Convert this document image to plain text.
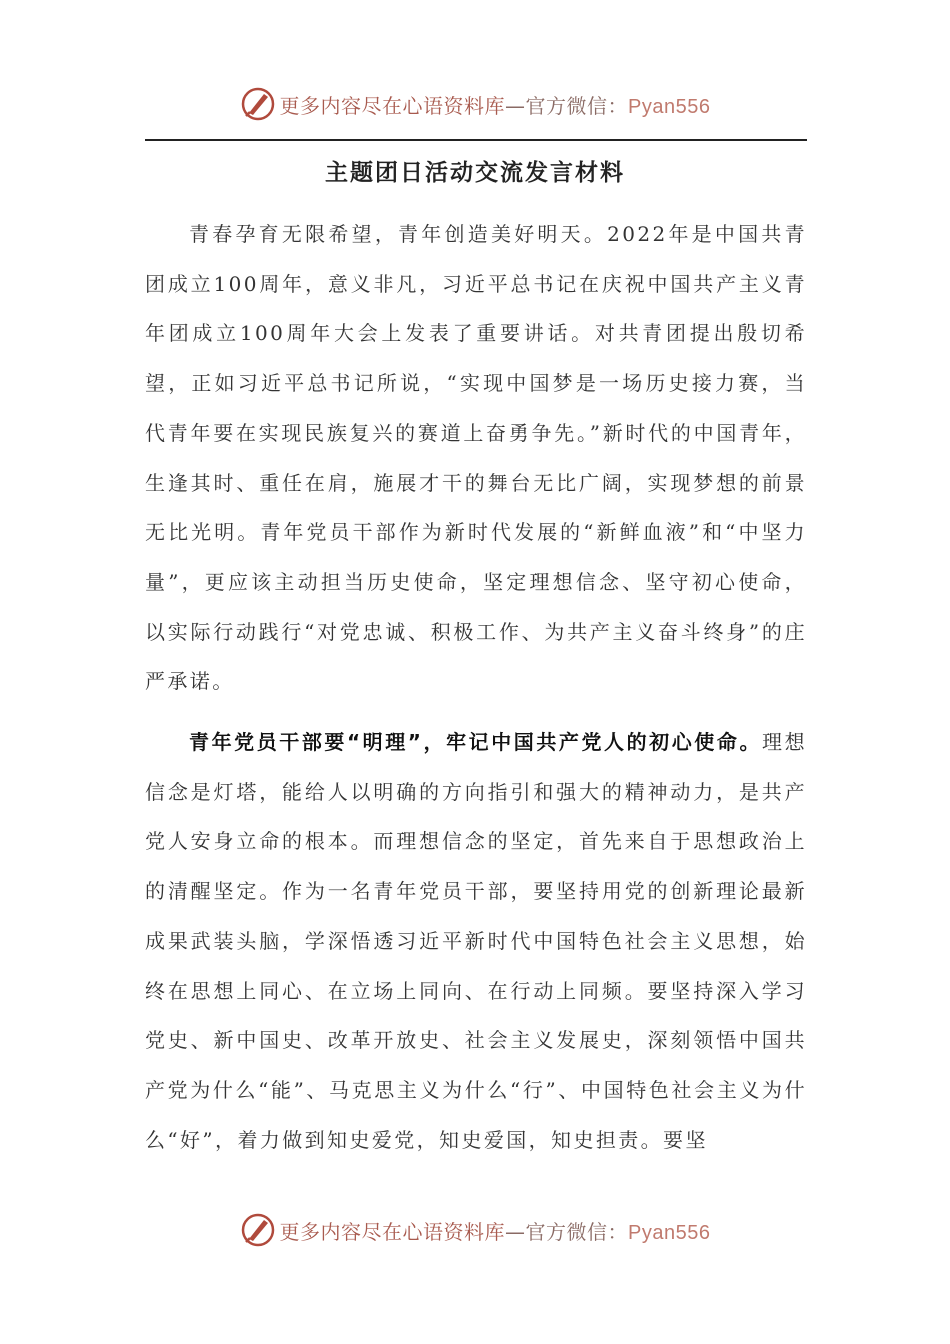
更多内容尽在心语资料库—官方微信：Pyan556
主题团日活动交流发言材料

青春孕育无限希望，青年创造美好明天。2022年是中国共青团成立100周年，意义非凡，习近平总书记在庆祝中国共产主义青年团成立100周年大会上发表了重要讲话。对共青团提出殷切希望，正如习近平总书记所说，“实现中国梦是一场历史接力赛，当代青年要在实现民族复兴的赛道上奋勇争先。”新时代的中国青年，生逢其时、重任在肩，施展才干的舞台无比广阔，实现梦想的前景无比光明。青年党员干部作为新时代发展的“新鲜血液”和“中坚力量”，更应该主动担当历史使命，坚定理想信念、坚守初心使命，以实际行动践行“对党忠诚、积极工作、为共产主义奋斗终身”的庄严承诺。

青年党员干部要“明理”，牢记中国共产党人的初心使命。理想信念是灯塔，能给人以明确的方向指引和强大的精神动力，是共产党人安身立命的根本。而理想信念的坚定，首先来自于思想政治上的清醒坚定。作为一名青年党员干部，要坚持用党的创新理论最新成果武装头脑，学深悟透习近平新时代中国特色社会主义思想，始终在思想上同心、在立场上同向、在行动上同频。要坚持深入学习党史、新中国史、改革开放史、社会主义发展史，深刻领悟中国共产党为什么“能”、马克思主义为什么“行”、中国特色社会主义为什么“好”，着力做到知史爱党，知史爱国，知史担责。要坚

更多内容尽在心语资料库—官方微信：Pyan556
